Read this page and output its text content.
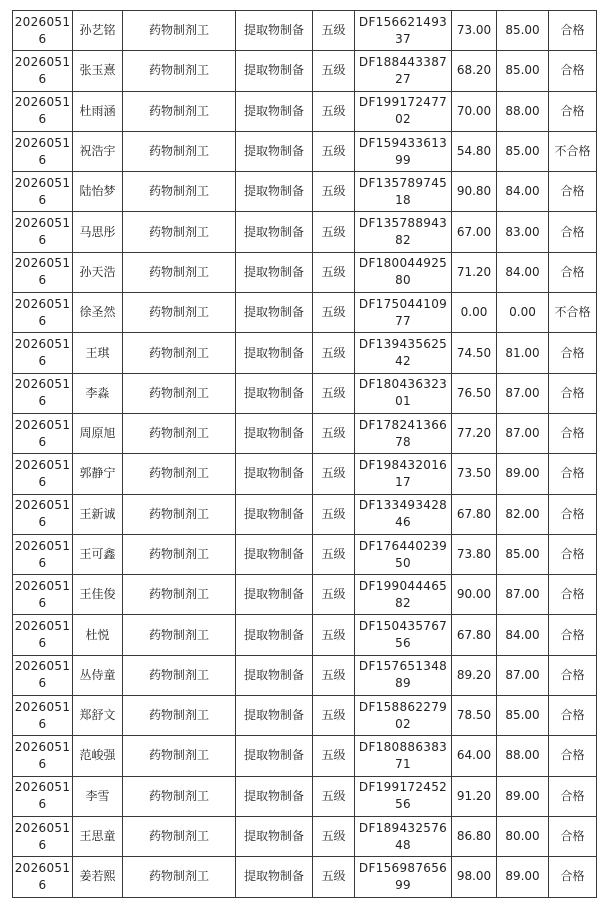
20260516	孙艺铭	药物制剂工	提取物制备	五级	DF15662149337	73.00	85.00	合格
20260516	张玉熹	药物制剂工	提取物制备	五级	DF18844338727	68.20	85.00	合格
20260516	杜雨涵	药物制剂工	提取物制备	五级	DF19917247702	70.00	88.00	合格
20260516	祝浩宇	药物制剂工	提取物制备	五级	DF15943361399	54.80	85.00	不合格
20260516	陆怡梦	药物制剂工	提取物制备	五级	DF13578974518	90.80	84.00	合格
20260516	马思彤	药物制剂工	提取物制备	五级	DF13578894382	67.00	83.00	合格
20260516	孙天浩	药物制剂工	提取物制备	五级	DF18004492580	71.20	84.00	合格
20260516	徐圣然	药物制剂工	提取物制备	五级	DF17504410977	0.00	0.00	不合格
20260516	王琪	药物制剂工	提取物制备	五级	DF13943562542	74.50	81.00	合格
20260516	李淼	药物制剂工	提取物制备	五级	DF18043632301	76.50	87.00	合格
20260516	周原旭	药物制剂工	提取物制备	五级	DF17824136678	77.20	87.00	合格
20260516	郭静宁	药物制剂工	提取物制备	五级	DF19843201617	73.50	89.00	合格
20260516	王新诚	药物制剂工	提取物制备	五级	DF13349342846	67.80	82.00	合格
20260516	王可鑫	药物制剂工	提取物制备	五级	DF17644023950	73.80	85.00	合格
20260516	王佳俊	药物制剂工	提取物制备	五级	DF19904446582	90.00	87.00	合格
20260516	杜悦	药物制剂工	提取物制备	五级	DF15043576756	67.80	84.00	合格
20260516	丛侍童	药物制剂工	提取物制备	五级	DF15765134889	89.20	87.00	合格
20260516	郑舒文	药物制剂工	提取物制备	五级	DF15886227902	78.50	85.00	合格
20260516	范峻强	药物制剂工	提取物制备	五级	DF18088638371	64.00	88.00	合格
20260516	李雪	药物制剂工	提取物制备	五级	DF19917245256	91.20	89.00	合格
20260516	王思童	药物制剂工	提取物制备	五级	DF18943257648	86.80	80.00	合格
20260516	姜若熙	药物制剂工	提取物制备	五级	DF15698765699	98.00	89.00	合格
